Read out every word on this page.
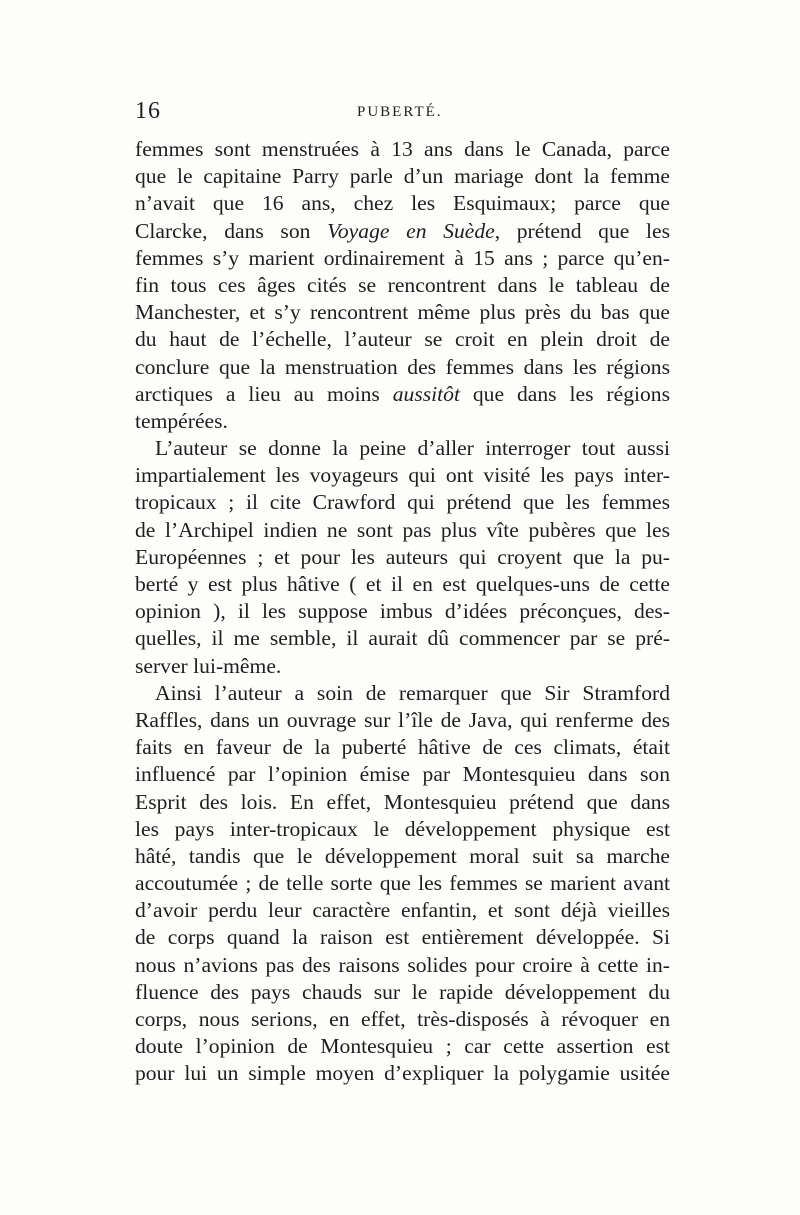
16	PUBERTÉ.
femmes sont menstruées à 13 ans dans le Canada, parce
que le capitaine Parry parle d’un mariage dont la femme
n’avait que 16 ans, chez les Esquimaux; parce que
Clarcke, dans son Voyage en Suède, prétend que les
femmes s’y marient ordinairement à 15 ans ; parce qu’en-
fin tous ces âges cités se rencontrent dans le tableau de
Manchester, et s’y rencontrent même plus près du bas que
du haut de l’échelle, l’auteur se croit en plein droit de
conclure que la menstruation des femmes dans les régions
arctiques a lieu au moins aussitôt que dans les régions
tempérées.
L’auteur se donne la peine d’aller interroger tout aussi
impartialement les voyageurs qui ont visité les pays inter-
tropicaux ; il cite Crawford qui prétend que les femmes
de l’Archipel indien ne sont pas plus vîte pubères que les
Européennes ; et pour les auteurs qui croyent que la pu-
berté y est plus hâtive ( et il en est quelques-uns de cette
opinion ), il les suppose imbus d’idées préconçues, des-
quelles, il me semble, il aurait dû commencer par se pré-
server lui-même.
Ainsi l’auteur a soin de remarquer que Sir Stramford
Raffles, dans un ouvrage sur l’île de Java, qui renferme des
faits en faveur de la puberté hâtive de ces climats, était
influencé par l’opinion émise par Montesquieu dans son
Esprit des lois. En effet, Montesquieu prétend que dans
les pays inter-tropicaux le développement physique est
hâté, tandis que le développement moral suit sa marche
accoutumée ; de telle sorte que les femmes se marient avant
d’avoir perdu leur caractère enfantin, et sont déjà vieilles
de corps quand la raison est entièrement développée. Si
nous n’avions pas des raisons solides pour croire à cette in-
fluence des pays chauds sur le rapide développement du
corps, nous serions, en effet, très-disposés à révoquer en
doute l’opinion de Montesquieu ; car cette assertion est
pour lui un simple moyen d’expliquer la polygamie usitée
